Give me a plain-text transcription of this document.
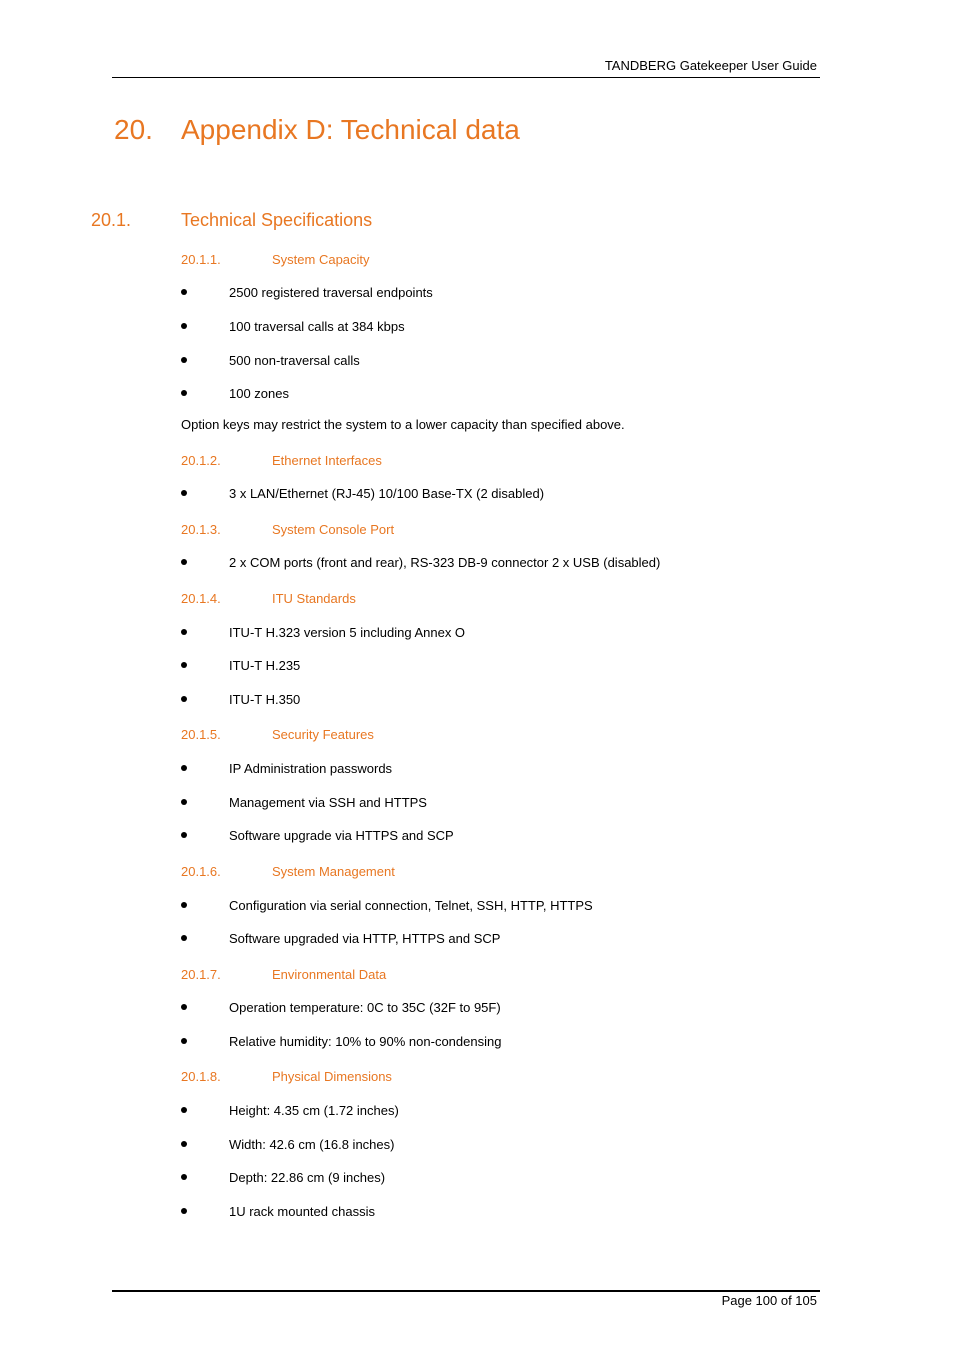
TANDBERG Gatekeeper User Guide
20. Appendix D: Technical data
20.1.	Technical Specifications
20.1.1.	System Capacity
2500 registered traversal endpoints
100 traversal calls at 384 kbps
500 non-traversal calls
100 zones
Option keys may restrict the system to a lower capacity than specified above.
20.1.2.	Ethernet Interfaces
3 x LAN/Ethernet (RJ-45) 10/100 Base-TX (2 disabled)
20.1.3.	System Console Port
2 x COM ports (front and rear), RS-323 DB-9 connector 2 x USB (disabled)
20.1.4.	ITU Standards
ITU-T H.323 version 5 including Annex O
ITU-T H.235
ITU-T H.350
20.1.5.	Security Features
IP Administration passwords
Management via SSH and HTTPS
Software upgrade via HTTPS and SCP
20.1.6.	System Management
Configuration via serial connection, Telnet, SSH, HTTP, HTTPS
Software upgraded via HTTP, HTTPS and SCP
20.1.7.	Environmental Data
Operation temperature: 0C to 35C (32F to 95F)
Relative humidity: 10% to 90% non-condensing
20.1.8.	Physical Dimensions
Height: 4.35 cm (1.72 inches)
Width: 42.6 cm (16.8 inches)
Depth: 22.86 cm (9 inches)
1U rack mounted chassis
Page 100 of 105
